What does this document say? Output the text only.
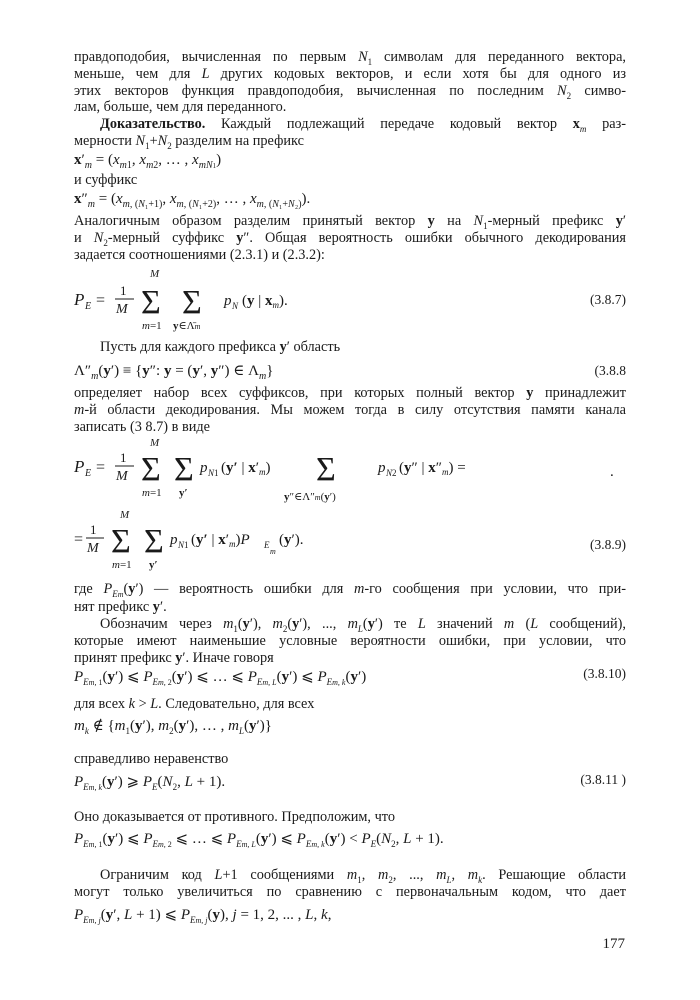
правдоподобия, вычисленная по первым $N_1$ символам для переданного вектора,
меньше, чем для L других кодовых векторов, и если хотя бы для одного из
этих векторов функция правдоподобия, вычисленная по последним $N_2$ симво-
лам, больше, чем для переданного.
Доказательство. Каждый подлежащий передаче кодовый вектор $x_m$ раз-
мерности $N_1+N_2$ разделим на префикс
$x'_m = (x_{m1}$, $x_{m2}$, … , $x_{mN1}$)
и суффикс
$x''_m = (x_{m, (N_1+1)}$, $x_{m, (N_1+2)}$, … , $x_{m, (N_1+N_2)}$).
Аналогичным образом разделим принятый вектор y на $N_1$-мерный префикс y′
и $N_2$-мерный суффикс y″. Общая вероятность ошибки обычного декодирования
задается соотношениями (2.3.1) и (2.3.2):
P E =
1
M
M
Σ
m=1
Σ
y∈Λ̄m
p N (y | $x_m$).	(3.8.7)
Пусть для каждого префикса y′ область
$\Lambda''_m(y') \equiv \{y''$: y = (y′, y″) ∈ $\Lambda_m$}	(3.8.8
определяет набор всех суффиксов, при которых полный вектор y принадлежит
m-й области декодирования. Мы можем тогда в силу отсутствия памяти канала
записать (3 8.7) в виде
P E =
1
M
M
Σ
m=1
Σ
y′
p N1 (y′ | $x'_m$) Σ
y″∈Λ″m(y′)
p N2 (y″ | $x''_m$) =	.
=
1
M
M
Σ
m=1
Σ
y′
p N1 (y′ | $x'_m)P$ E
m
(y′).	(3.8.9)
где $P_{Em}(y')$ — вероятность ошибки для m-го сообщения при условии, что при-
нят префикс y′.
Обозначим через $m_1(y')$, $m_2(y')$, ..., $m_L(y')$ те L значений m (L сообщений),
которые имеют наименьшие условные вероятности ошибки, при условии, что
принят префикс y′. Иначе говоря
$P_{Em, 1}(y')$ ⩽ $P_{Em, 2}(y')$ ⩽ … ⩽ $P_{Em, L}(y')$ ⩽ $P_{Em, k}(y')$	(3.8.10)
для всех k > L. Следовательно, для всех
$m_k$ ∉ {$m_1(y')$, $m_2(y')$, … , $m_L(y')$}
справедливо неравенство
$P_{Em, k}(y')$ ⩾ $P_E(N_2$, L + 1).	(3.8.11 )
Оно доказывается от противного. Предположим, что
$P_{Em, 1}(y')$ ⩽ $P_{Em, 2}$ ⩽ … ⩽ $P_{Em, L}(y')$ ⩽ $P_{Em, k}(y') < P_E(N_2$, L + 1).
Ограничим код L+1 сообщениями $m_1$, $m_2$, ..., $m_L$, $m_k$. Решающие области
могут только увеличиться по сравнению с первоначальным кодом, что дает
$P_{Em, j}(y'$, L + 1) ⩽ $P_{Em, j}(y)$, j = 1, 2, ... , L, k,
177
